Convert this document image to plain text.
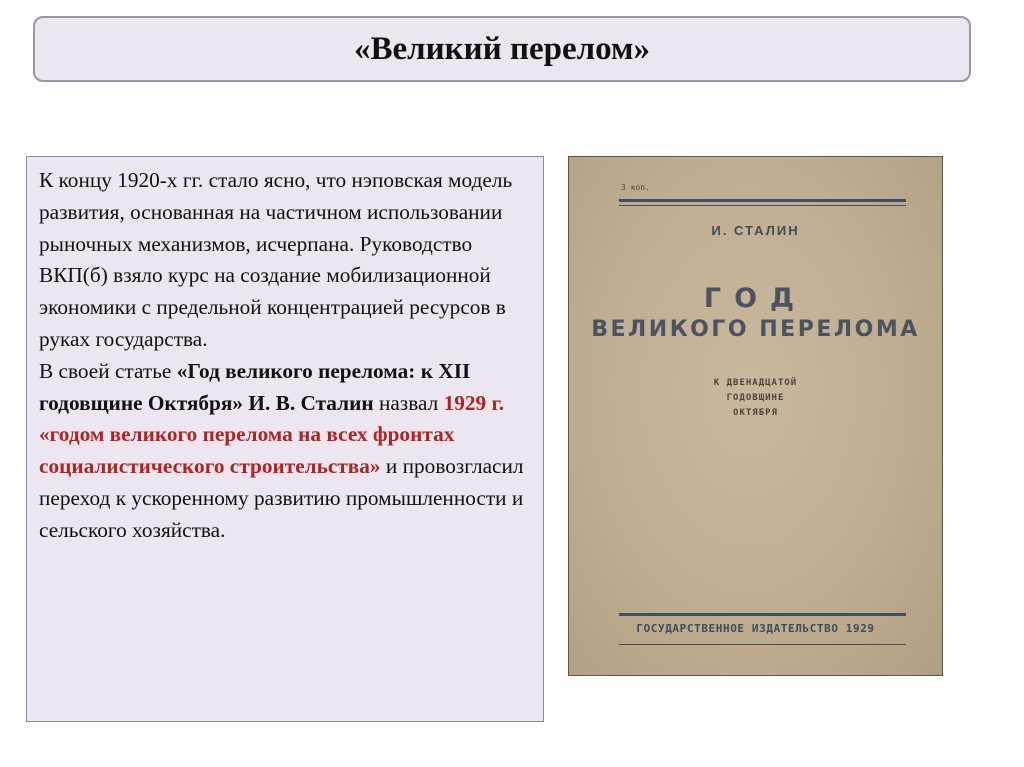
«Великий перелом»

К концу 1920-х гг. стало ясно, что нэповская модель развития, основанная на частичном использовании рыночных механизмов, исчерпана. Руководство ВКП(б) взяло курс на создание мобилизационной экономики с предельной концентрацией ресурсов в руках государства.

В своей статье «Год великого перелома: к XII годовщине Октября» И. В. Сталин назвал 1929 г. «годом великого перелома на всех фронтах социалистического строительства» и провозгласил переход к ускоренному развитию промышленности и сельского хозяйства.

3 коп.
И. СТАЛИН
ГОД
ВЕЛИКОГО ПЕРЕЛОМА
К ДВЕНАДЦАТОЙ
ГОДОВЩИНЕ
ОКТЯБРЯ
ГОСУДАРСТВЕННОЕ ИЗДАТЕЛЬСТВО 1929
